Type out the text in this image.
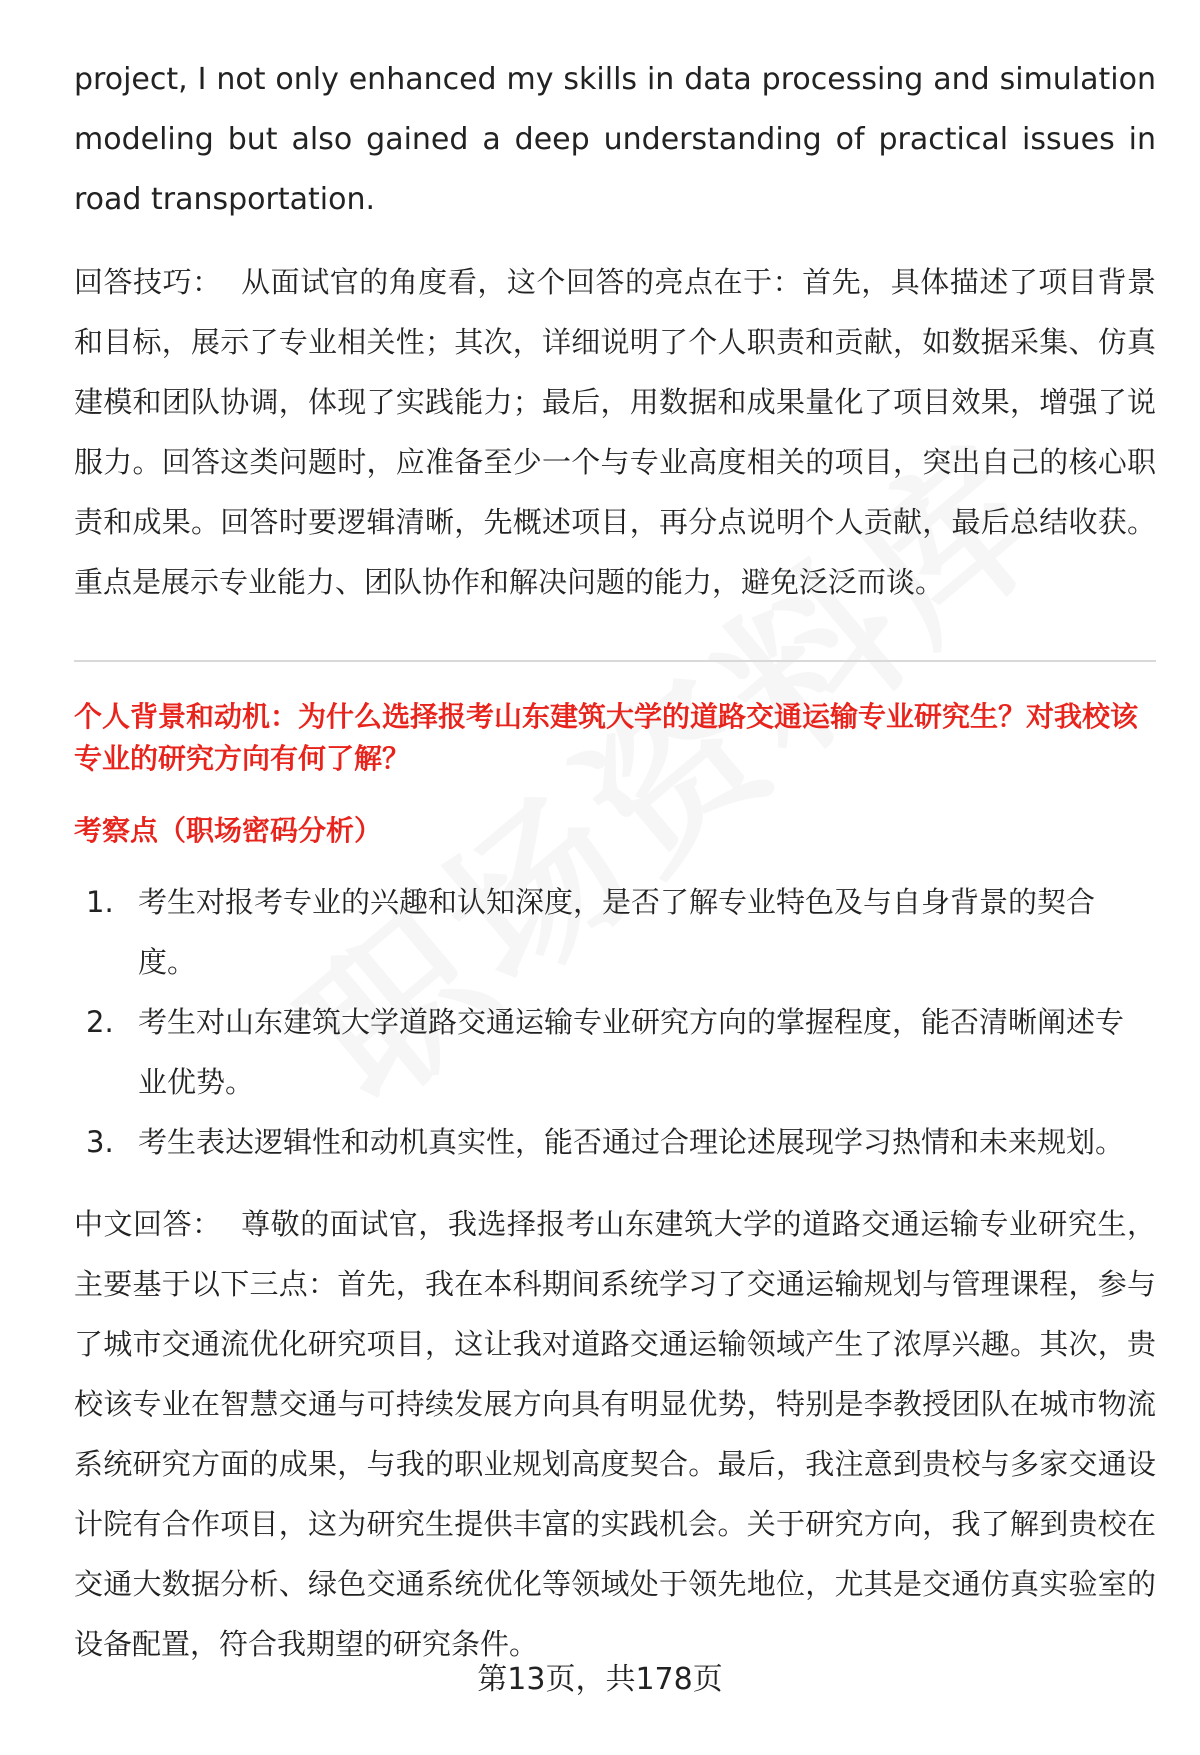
project, I not only enhanced my skills in data processing and simulation modeling but also gained a deep understanding of practical issues in road transportation.

回答技巧： 从面试官的角度看，这个回答的亮点在于：首先，具体描述了项目背景和目标，展示了专业相关性；其次，详细说明了个人职责和贡献，如数据采集、仿真建模和团队协调，体现了实践能力；最后，用数据和成果量化了项目效果，增强了说服力。回答这类问题时，应准备至少一个与专业高度相关的项目，突出自己的核心职责和成果。回答时要逻辑清晰，先概述项目，再分点说明个人贡献，最后总结收获。重点是展示专业能力、团队协作和解决问题的能力，避免泛泛而谈。

个人背景和动机：为什么选择报考山东建筑大学的道路交通运输专业研究生？对我校该专业的研究方向有何了解？

考察点（职场密码分析）

1. 考生对报考专业的兴趣和认知深度，是否了解专业特色及与自身背景的契合度。
2. 考生对山东建筑大学道路交通运输专业研究方向的掌握程度，能否清晰阐述专业优势。
3. 考生表达逻辑性和动机真实性，能否通过合理论述展现学习热情和未来规划。

中文回答： 尊敬的面试官，我选择报考山东建筑大学的道路交通运输专业研究生，主要基于以下三点：首先，我在本科期间系统学习了交通运输规划与管理课程，参与了城市交通流优化研究项目，这让我对道路交通运输领域产生了浓厚兴趣。其次，贵校该专业在智慧交通与可持续发展方向具有明显优势，特别是李教授团队在城市物流系统研究方面的成果，与我的职业规划高度契合。最后，我注意到贵校与多家交通设计院有合作项目，这为研究生提供丰富的实践机会。关于研究方向，我了解到贵校在交通大数据分析、绿色交通系统优化等领域处于领先地位，尤其是交通仿真实验室的设备配置，符合我期望的研究条件。

第13页，共178页
